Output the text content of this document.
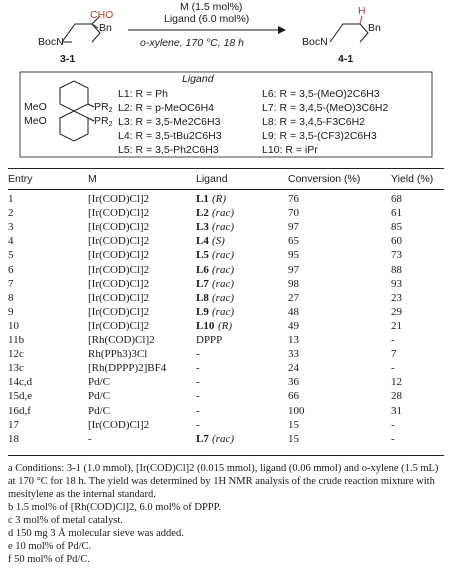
CHO
Bn
BocN
3-1
M (1.5 mol%)
Ligand (6.0 mol%)
o-xylene, 170 °C, 18 h
H
Bn
BocN
4-1
Ligand
MeO
MeO
PR2
PR2
L1: R = Ph
L2: R = p-MeOC6H4
L3: R = 3,5-Me2C6H3
L4: R = 3,5-tBu2C6H3
L5: R = 3,5-Ph2C6H3
L6: R = 3,5-(MeO)2C6H3
L7: R = 3,4,5-(MeO)3C6H2
L8: R = 3,4,5-F3C6H2
L9: R = 3,5-(CF3)2C6H3
L10: R = iPr
Entry	M	Ligand	Conversion (%)	Yield (%)
1	[Ir(COD)Cl]2	L1 (R)	76	68
2	[Ir(COD)Cl]2	L2 (rac)	70	61
3	[Ir(COD)Cl]2	L3 (rac)	97	85
4	[Ir(COD)Cl]2	L4 (S)	65	60
5	[Ir(COD)Cl]2	L5 (rac)	95	73
6	[Ir(COD)Cl]2	L6 (rac)	97	88
7	[Ir(COD)Cl]2	L7 (rac)	98	93
8	[Ir(COD)Cl]2	L8 (rac)	27	23
9	[Ir(COD)Cl]2	L9 (rac)	48	29
10	[Ir(COD)Cl]2	L10 (R)	49	21
11b	[Rh(COD)Cl]2	DPPP	13	-
12c	Rh(PPh3)3Cl	-	33	7
13c	[Rh(DPPP)2]BF4	-	24	-
14c,d	Pd/C	-	36	12
15d,e	Pd/C	-	66	28
16d,f	Pd/C	-	100	31
17	[Ir(COD)Cl]2	-	15	-
18	-	L7 (rac)	15	-
a Conditions: 3-1 (1.0 mmol), [Ir(COD)Cl]2 (0.015 mmol), ligand (0.06 mmol) and o-xylene (1.5 mL) at 170 °C for 18 h. The yield was determined by 1H NMR analysis of the crude reaction mixture with mesitylene as the internal standard.
b 1.5 mol% of [Rh(COD)Cl]2, 6.0 mol% of DPPP.
c 3 mol% of metal catalyst.
d 150 mg 3 Å molecular sieve was added.
e 10 mol% of Pd/C.
f 50 mol% of Pd/C.
